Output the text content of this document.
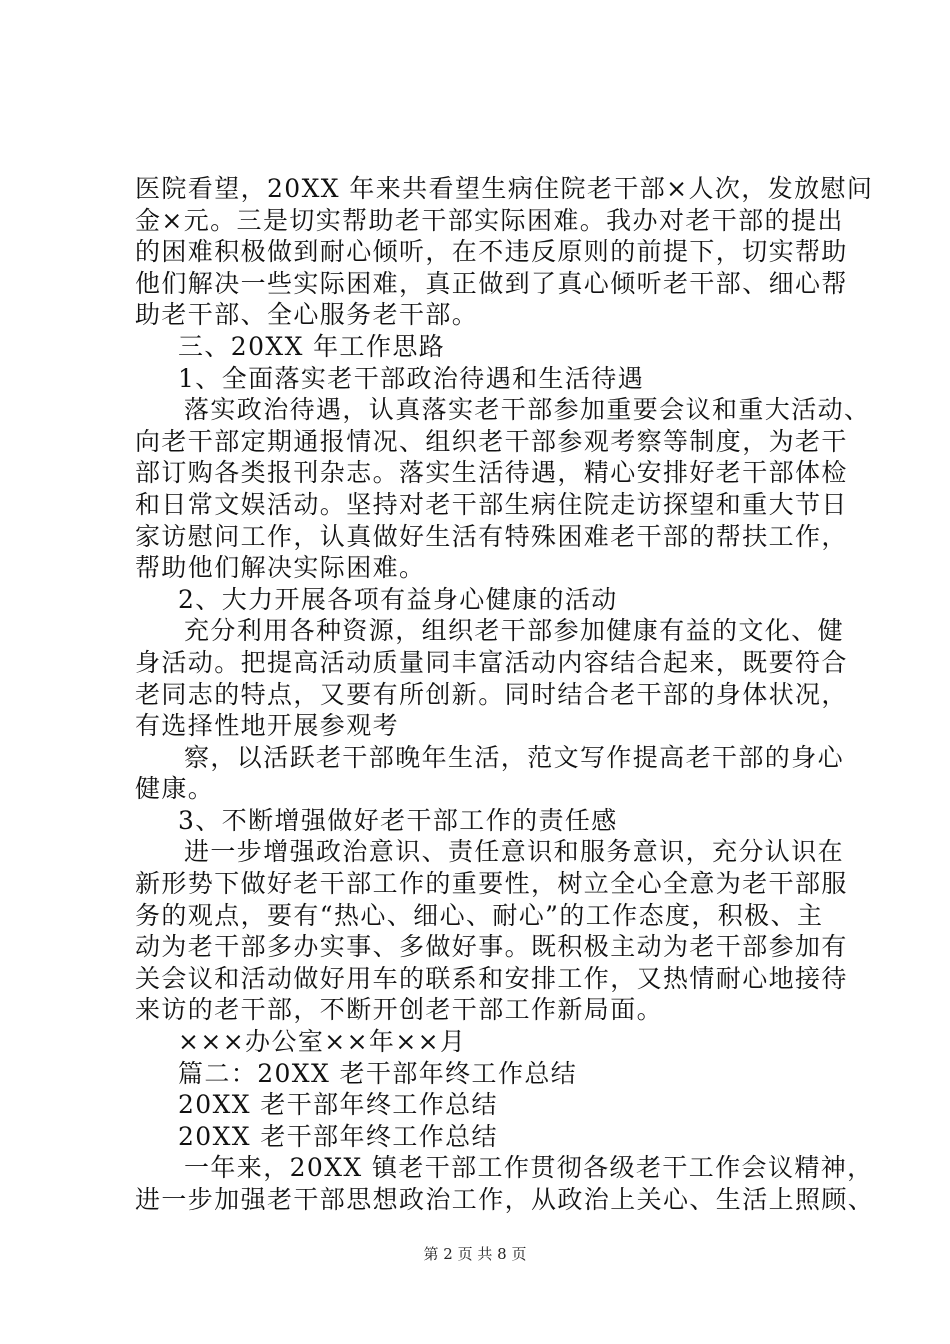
医院看望，20XX 年来共看望生病住院老干部×人次，发放慰问
金×元。三是切实帮助老干部实际困难。我办对老干部的提出
的困难积极做到耐心倾听，在不违反原则的前提下，切实帮助
他们解决一些实际困难，真正做到了真心倾听老干部、细心帮
助老干部、全心服务老干部。
三、20XX 年工作思路
1、全面落实老干部政治待遇和生活待遇
落实政治待遇，认真落实老干部参加重要会议和重大活动、
向老干部定期通报情况、组织老干部参观考察等制度，为老干
部订购各类报刊杂志。落实生活待遇，精心安排好老干部体检
和日常文娱活动。坚持对老干部生病住院走访探望和重大节日
家访慰问工作，认真做好生活有特殊困难老干部的帮扶工作，
帮助他们解决实际困难。
2、大力开展各项有益身心健康的活动
充分利用各种资源，组织老干部参加健康有益的文化、健
身活动。把提高活动质量同丰富活动内容结合起来，既要符合
老同志的特点，又要有所创新。同时结合老干部的身体状况，
有选择性地开展参观考
察，以活跃老干部晚年生活，范文写作提高老干部的身心
健康。
3、不断增强做好老干部工作的责任感
进一步增强政治意识、责任意识和服务意识，充分认识在
新形势下做好老干部工作的重要性，树立全心全意为老干部服
务的观点，要有“热心、细心、耐心”的工作态度，积极、主
动为老干部多办实事、多做好事。既积极主动为老干部参加有
关会议和活动做好用车的联系和安排工作，又热情耐心地接待
来访的老干部，不断开创老干部工作新局面。
×××办公室××年××月
篇二：20XX 老干部年终工作总结
20XX 老干部年终工作总结
20XX 老干部年终工作总结
一年来，20XX 镇老干部工作贯彻各级老干工作会议精神，
进一步加强老干部思想政治工作，从政治上关心、生活上照顾、
第 2 页 共 8 页
